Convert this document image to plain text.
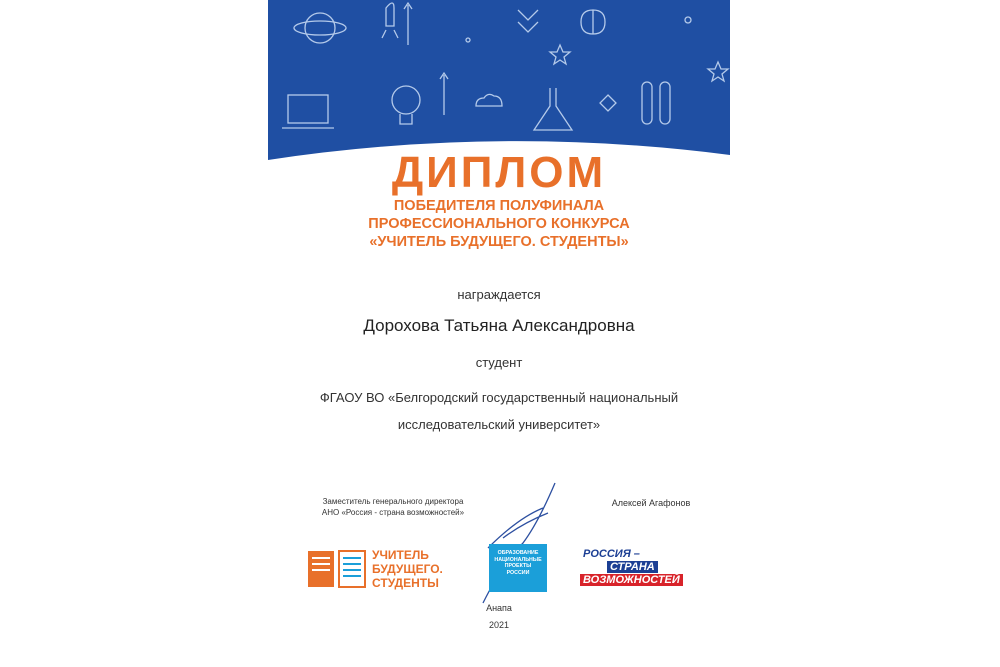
ДИПЛОМ
ПОБЕДИТЕЛЯ ПОЛУФИНАЛА
ПРОФЕССИОНАЛЬНОГО КОНКУРСА
«УЧИТЕЛЬ БУДУЩЕГО. СТУДЕНТЫ»
награждается
Дорохова Татьяна Александровна
студент
ФГАОУ ВО «Белгородский государственный национальный
исследовательский университет»
Заместитель генерального директора
АНО «Россия - страна возможностей»
Алексей Агафонов
УЧИТЕЛЬ
БУДУЩЕГО.
СТУДЕНТЫ
ОБРАЗОВАНИЕ
НАЦИОНАЛЬНЫЕ
ПРОЕКТЫ
РОССИИ
РОССИЯ –
СТРАНА
ВОЗМОЖНОСТЕЙ
Анапа
2021
